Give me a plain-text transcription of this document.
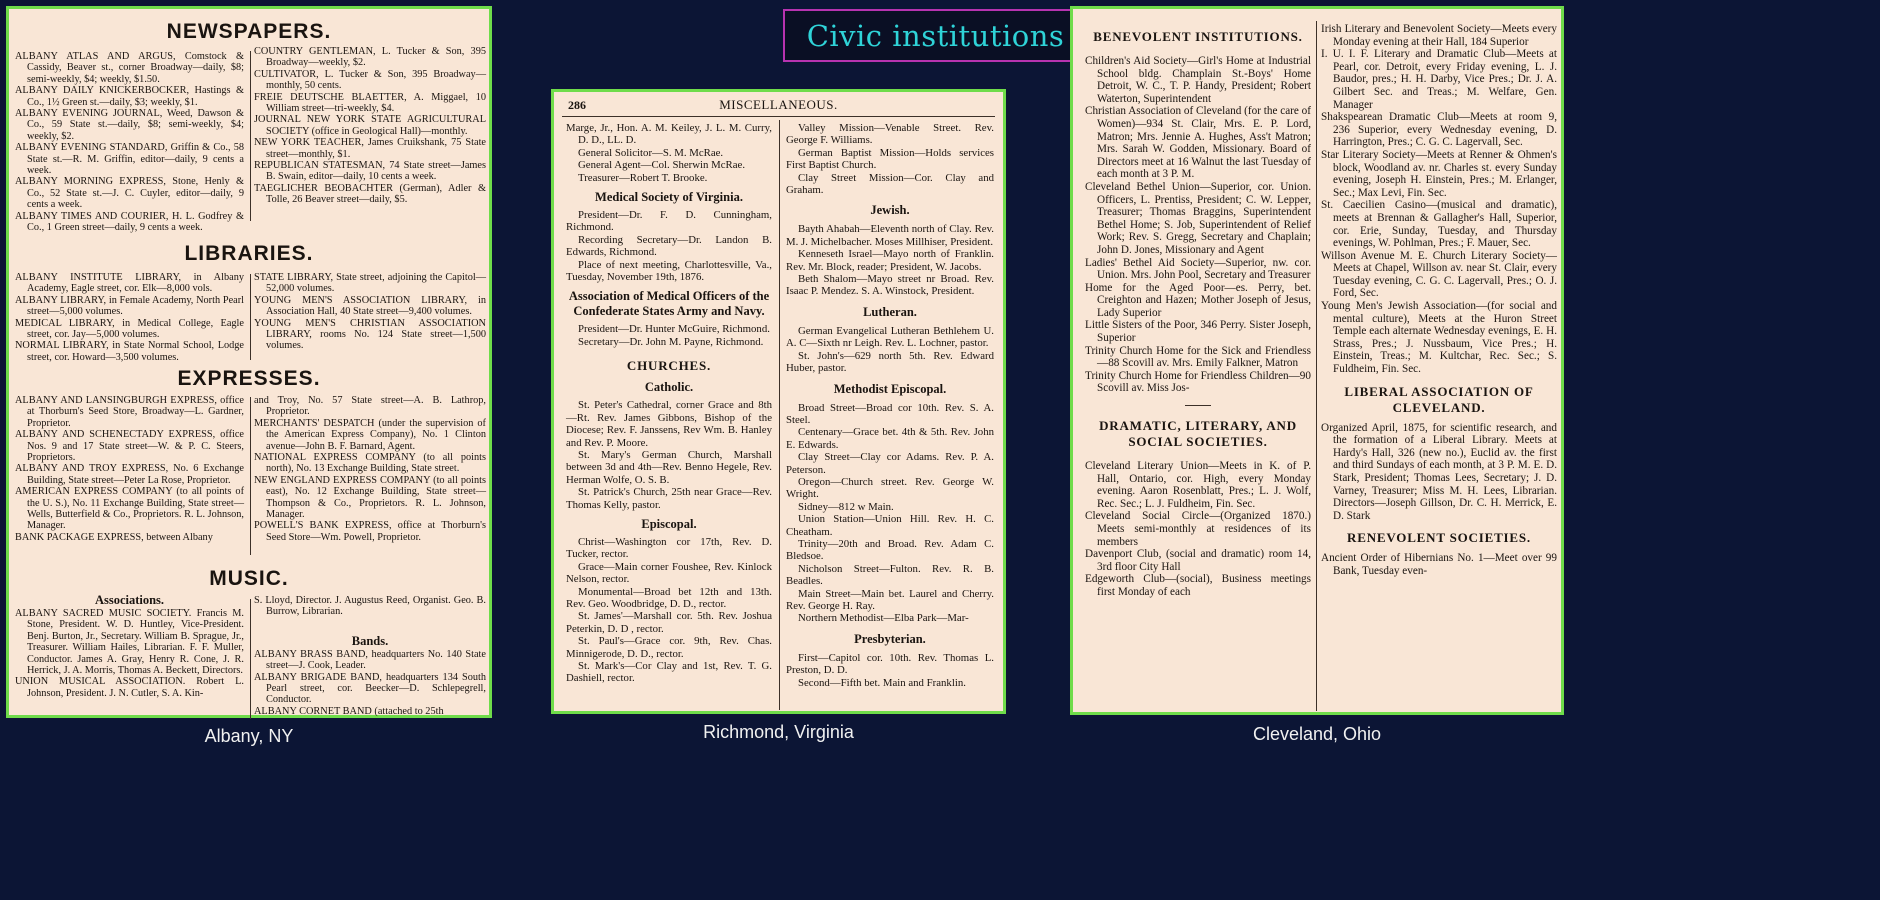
Civic institutions
NEWSPAPERS.

ALBANY ATLAS AND ARGUS, Comstock & Cassidy, Beaver st., corner Broadway—daily, $8; semi-weekly, $4; weekly, $1.50.

ALBANY DAILY KNICKERBOCKER, Hastings & Co., 1½ Green st.—daily, $3; weekly, $1.

ALBANY EVENING JOURNAL, Weed, Dawson & Co., 59 State st.—daily, $8; semi-weekly, $4; weekly, $2.

ALBANY EVENING STANDARD, Griffin & Co., 58 State st.—R. M. Griffin, editor—daily, 9 cents a week.

ALBANY MORNING EXPRESS, Stone, Henly & Co., 52 State st.—J. C. Cuyler, editor—daily, 9 cents a week.

ALBANY TIMES AND COURIER, H. L. Godfrey & Co., 1 Green street—daily, 9 cents a week.

COUNTRY GENTLEMAN, L. Tucker & Son, 395 Broadway—weekly, $2.

CULTIVATOR, L. Tucker & Son, 395 Broadway—monthly, 50 cents.

FREIE DEUTSCHE BLAETTER, A. Miggael, 10 William street—tri-weekly, $4.

JOURNAL NEW YORK STATE AGRICULTURAL SOCIETY (office in Geological Hall)—monthly.

NEW YORK TEACHER, James Cruikshank, 75 State street—monthly, $1.

REPUBLICAN STATESMAN, 74 State street—James B. Swain, editor—daily, 10 cents a week.

TAEGLICHER BEOBACHTER (German), Adler & Tolle, 26 Beaver street—daily, $5.

LIBRARIES.

ALBANY INSTITUTE LIBRARY, in Albany Academy, Eagle street, cor. Elk—8,000 vols.

ALBANY LIBRARY, in Female Academy, North Pearl street—5,000 volumes.

MEDICAL LIBRARY, in Medical College, Eagle street, cor. Jay—5,000 volumes.

NORMAL LIBRARY, in State Normal School, Lodge street, cor. Howard—3,500 volumes.

STATE LIBRARY, State street, adjoining the Capitol—52,000 volumes.

YOUNG MEN'S ASSOCIATION LIBRARY, in Association Hall, 40 State street—9,400 volumes.

YOUNG MEN'S CHRISTIAN ASSOCIATION LIBRARY, rooms No. 124 State street—1,500 volumes.

EXPRESSES.

ALBANY AND LANSINGBURGH EXPRESS, office at Thorburn's Seed Store, Broadway—L. Gardner, Proprietor.

ALBANY AND SCHENECTADY EXPRESS, office Nos. 9 and 17 State street—W. & P. C. Steers, Proprietors.

ALBANY AND TROY EXPRESS, No. 6 Exchange Building, State street—Peter La Rose, Proprietor.

AMERICAN EXPRESS COMPANY (to all points of the U. S.), No. 11 Exchange Building, State street—Wells, Butterfield & Co., Proprietors. R. L. Johnson, Manager.

BANK PACKAGE EXPRESS, between Albany

and Troy, No. 57 State street—A. B. Lathrop, Proprietor.

MERCHANTS' DESPATCH (under the supervision of the American Express Company), No. 1 Clinton avenue—John B. F. Barnard, Agent.

NATIONAL EXPRESS COMPANY (to all points north), No. 13 Exchange Building, State street.

NEW ENGLAND EXPRESS COMPANY (to all points east), No. 12 Exchange Building, State street—Thompson & Co., Proprietors. R. L. Johnson, Manager.

POWELL'S BANK EXPRESS, office at Thorburn's Seed Store—Wm. Powell, Proprietor.

MUSIC.
Associations.

ALBANY SACRED MUSIC SOCIETY. Francis M. Stone, President. W. D. Huntley, Vice-President. Benj. Burton, Jr., Secretary. William B. Sprague, Jr., Treasurer. William Hailes, Librarian. F. F. Muller, Conductor. James A. Gray, Henry R. Cone, J. R. Herrick, J. A. Morris, Thomas A. Beckett, Directors.

UNION MUSICAL ASSOCIATION. Robert L. Johnson, President. J. N. Cutler, S. A. Kin-

S. Lloyd, Director. J. Augustus Reed, Organist. Geo. B. Burrow, Librarian.

Bands.

ALBANY BRASS BAND, headquarters No. 140 State street—J. Cook, Leader.

ALBANY BRIGADE BAND, headquarters 134 South Pearl street, cor. Beecker—D. Schlepegrell, Conductor.

ALBANY CORNET BAND (attached to 25th

Albany, NY
286	MISCELLANEOUS.

Marge, Jr., Hon. A. M. Keiley, J. L. M. Curry, D. D., LL. D.

General Solicitor—S. M. McRae.

General Agent—Col. Sherwin McRae.

Treasurer—Robert T. Brooke.

Medical Society of Virginia.

President—Dr. F. D. Cunningham, Richmond.

Recording Secretary—Dr. Landon B. Edwards, Richmond.

Place of next meeting, Charlottesville, Va., Tuesday, November 19th, 1876.

Association of Medical Officers of the Confederate States Army and Navy.

President—Dr. Hunter McGuire, Richmond.

Secretary—Dr. John M. Payne, Richmond.

CHURCHES.
Catholic.

St. Peter's Cathedral, corner Grace and 8th—Rt. Rev. James Gibbons, Bishop of the Diocese; Rev. F. Janssens, Rev Wm. B. Hanley and Rev. P. Moore.

St. Mary's German Church, Marshall between 3d and 4th—Rev. Benno Hegele, Rev. Herman Wolfe, O. S. B.

St. Patrick's Church, 25th near Grace—Rev. Thomas Kelly, pastor.

Episcopal.

Christ—Washington cor 17th, Rev. D. Tucker, rector.

Grace—Main corner Foushee, Rev. Kinlock Nelson, rector.

Monumental—Broad bet 12th and 13th. Rev. Geo. Woodbridge, D. D., rector.

St. James'—Marshall cor. 5th. Rev. Joshua Peterkin, D. D , rector.

St. Paul's—Grace cor. 9th, Rev. Chas. Minnigerode, D. D., rector.

St. Mark's—Cor Clay and 1st, Rev. T. G. Dashiell, rector.

Valley Mission—Venable Street. Rev. George F. Williams.

German Baptist Mission—Holds services First Baptist Church.

Clay Street Mission—Cor. Clay and Graham.

Jewish.

Bayth Ahabah—Eleventh north of Clay. Rev. M. J. Michelbacher. Moses Millhiser, President.

Kenneseth Israel—Mayo north of Franklin. Rev. Mr. Block, reader; President, W. Jacobs.

Beth Shalom—Mayo street nr Broad. Rev. Isaac P. Mendez. S. A. Winstock, President.

Lutheran.

German Evangelical Lutheran Bethlehem U. A. C—Sixth nr Leigh. Rev. L. Lochner, pastor.

St. John's—629 north 5th. Rev. Edward Huber, pastor.

Methodist Episcopal.

Broad Street—Broad cor 10th. Rev. S. A. Steel.

Centenary—Grace bet. 4th & 5th. Rev. John E. Edwards.

Clay Street—Clay cor Adams. Rev. P. A. Peterson.

Oregon—Church street. Rev. George W. Wright.

Sidney—812 w Main.

Union Station—Union Hill. Rev. H. C. Cheatham.

Trinity—20th and Broad. Rev. Adam C. Bledsoe.

Nicholson Street—Fulton. Rev. R. B. Beadles.

Main Street—Main bet. Laurel and Cherry. Rev. George H. Ray.

Northern Methodist—Elba Park—Mar-

Presbyterian.

First—Capitol cor. 10th. Rev. Thomas L. Preston, D. D.

Second—Fifth bet. Main and Franklin.

Richmond, Virginia
BENEVOLENT INSTITUTIONS.

Children's Aid Society—Girl's Home at Industrial School bldg. Champlain St.-Boys' Home Detroit, W. C., T. P. Handy, President; Robert Waterton, Superintendent

Christian Association of Cleveland (for the care of Women)—934 St. Clair, Mrs. E. P. Lord, Matron; Mrs. Jennie A. Hughes, Ass't Matron; Mrs. Sarah W. Godden, Missionary. Board of Directors meet at 16 Walnut the last Tuesday of each month at 3 P. M.

Cleveland Bethel Union—Superior, cor. Union. Officers, L. Prentiss, President; C. W. Lepper, Treasurer; Thomas Braggins, Superintendent Bethel Home; S. Job, Superintendent of Relief Work; Rev. S. Gregg, Secretary and Chaplain; John D. Jones, Missionary and Agent

Ladies' Bethel Aid Society—Superior, nw. cor. Union. Mrs. John Pool, Secretary and Treasurer

Home for the Aged Poor—es. Perry, bet. Creighton and Hazen; Mother Joseph of Jesus, Lady Superior

Little Sisters of the Poor, 346 Perry. Sister Joseph, Superior

Trinity Church Home for the Sick and Friendless—88 Scovill av. Mrs. Emily Falkner, Matron

Trinity Church Home for Friendless Children—90 Scovill av. Miss Jos-

DRAMATIC, LITERARY, AND SOCIAL SOCIETIES.

Cleveland Literary Union—Meets in K. of P. Hall, Ontario, cor. High, every Monday evening. Aaron Rosenblatt, Pres.; L. J. Wolf, Rec. Sec.; L. J. Fuldheim, Fin. Sec.

Cleveland Social Circle—(Organized 1870.) Meets semi-monthly at residences of its members

Davenport Club, (social and dramatic) room 14, 3rd floor City Hall

Edgeworth Club—(social), Business meetings first Monday of each

Irish Literary and Benevolent Society—Meets every Monday evening at their Hall, 184 Superior

I. U. I. F. Literary and Dramatic Club—Meets at Pearl, cor. Detroit, every Friday evening, L. J. Baudor, pres.; H. H. Darby, Vice Pres.; Dr. J. A. Gilbert Sec. and Treas.; M. Welfare, Gen. Manager

Shakspearean Dramatic Club—Meets at room 9, 236 Superior, every Wednesday evening, D. Harrington, Pres.; C. G. C. Lagervall, Sec.

Star Literary Society—Meets at Renner & Ohmen's block, Woodland av. nr. Charles st. every Sunday evening, Joseph H. Einstein, Pres.; M. Erlanger, Sec.; Max Levi, Fin. Sec.

St. Caecilien Casino—(musical and dramatic), meets at Brennan & Gallagher's Hall, Superior, cor. Erie, Sunday, Tuesday, and Thursday evenings, W. Pohlman, Pres.; F. Mauer, Sec.

Willson Avenue M. E. Church Literary Society—Meets at Chapel, Willson av. near St. Clair, every Tuesday evening, C. G. C. Lagervall, Pres.; O. J. Ford, Sec.

Young Men's Jewish Association—(for social and mental culture), Meets at the Huron Street Temple each alternate Wednesday evenings, E. H. Strass, Pres.; J. Nussbaum, Vice Pres.; H. Einstein, Treas.; M. Kultchar, Rec. Sec.; S. Fuldheim, Fin. Sec.

LIBERAL ASSOCIATION OF CLEVELAND.

Organized April, 1875, for scientific research, and the formation of a Liberal Library. Meets at Hardy's Hall, 326 (new no.), Euclid av. the first and third Sundays of each month, at 3 P. M. E. D. Stark, President; Thomas Lees, Secretary; J. D. Varney, Treasurer; Miss M. H. Lees, Librarian. Directors—Joseph Gillson, Dr. C. H. Merrick, E. D. Stark

RENEVOLENT SOCIETIES.

Ancient Order of Hibernians No. 1—Meet over 99 Bank, Tuesday even-

Cleveland, Ohio
